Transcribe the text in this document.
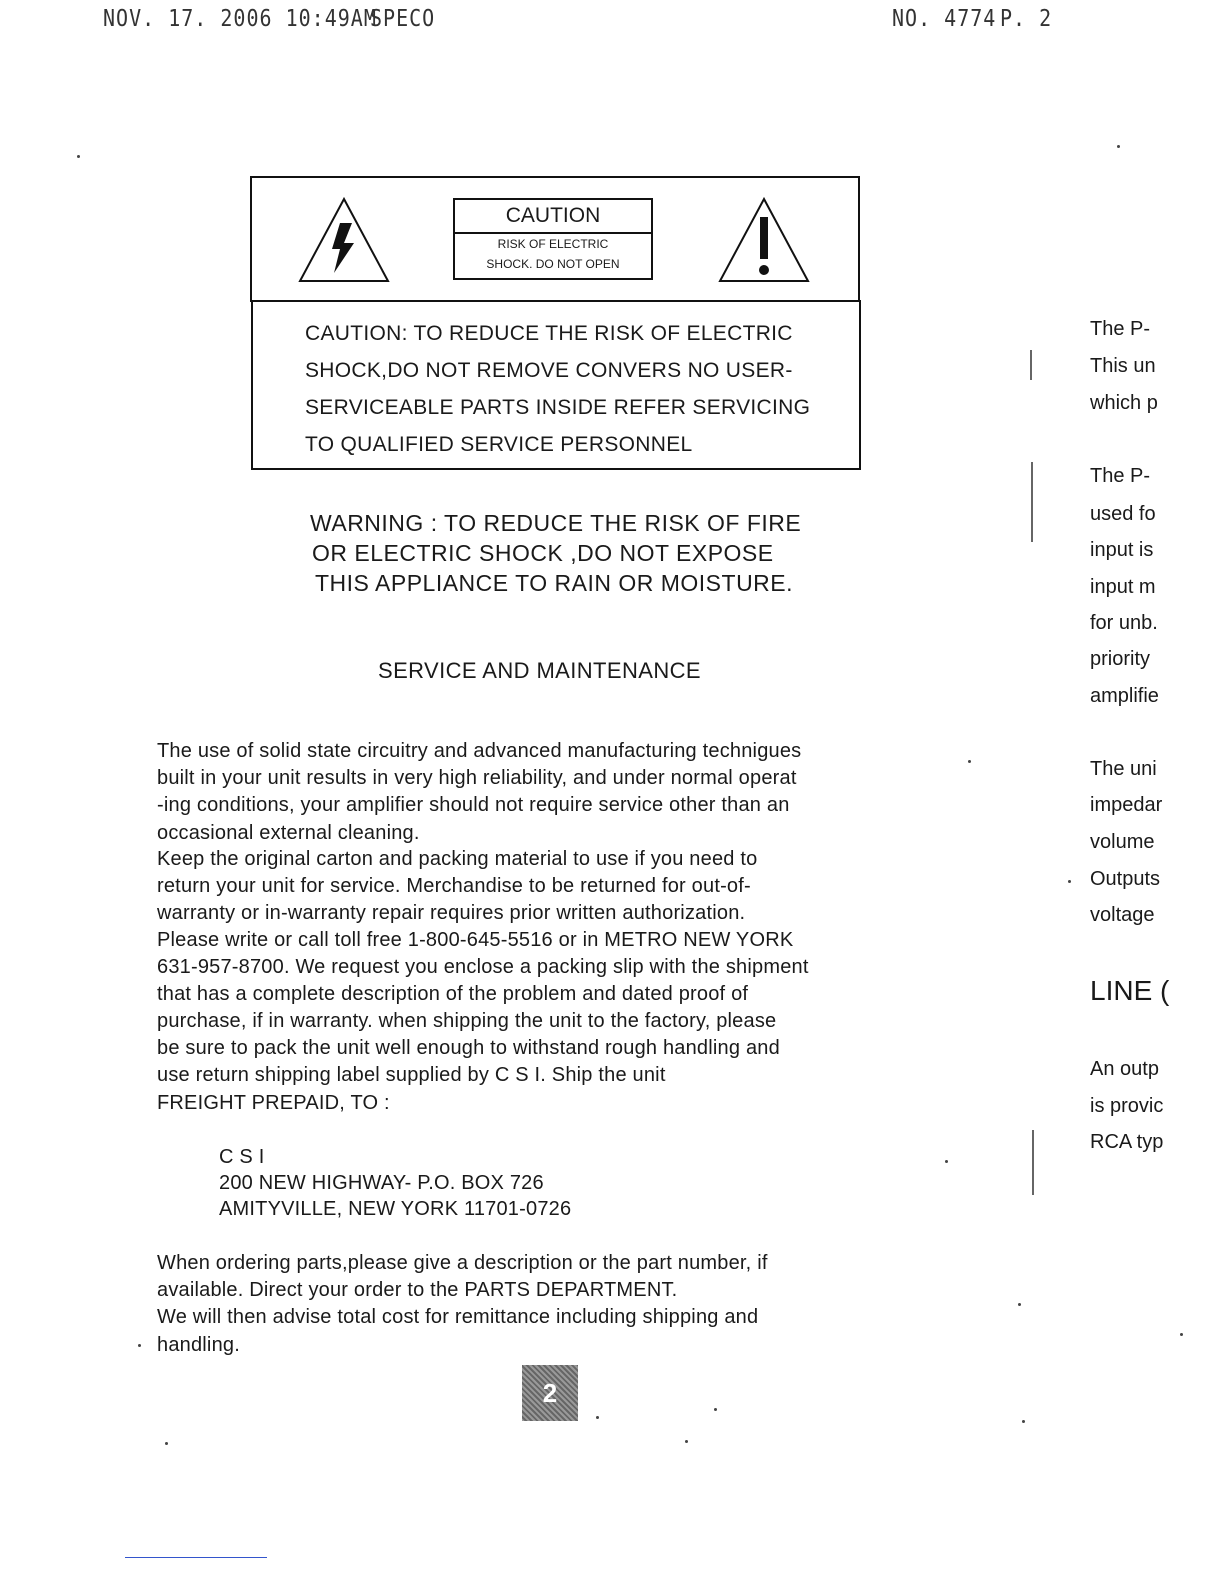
NOV. 17. 2006 10:49AM
SPECO	NO. 4774 P. 2
CAUTION
RISK OF ELECTRIC
SHOCK. DO NOT OPEN
CAUTION: TO REDUCE THE RISK OF ELECTRIC
SHOCK,DO NOT REMOVE CONVERS NO USER-
SERVICEABLE PARTS INSIDE REFER SERVICING
TO QUALIFIED SERVICE PERSONNEL
WARNING : TO REDUCE THE RISK OF FIRE
OR ELECTRIC SHOCK ,DO NOT EXPOSE
THIS APPLIANCE TO RAIN OR MOISTURE.
SERVICE AND MAINTENANCE
The use of solid state circuitry and advanced manufacturing technigues
built in your unit results in very high reliability, and under normal operat
-ing conditions, your amplifier should not require service other than an
occasional external cleaning.
Keep the original carton and packing material to use if you need to
return your unit for service. Merchandise to be returned for out-of-
warranty or in-warranty repair requires prior written authorization.
Please write or call toll free 1-800-645-5516 or in METRO NEW YORK
631-957-8700. We request you enclose a packing slip with the shipment
that has a complete description of the problem and dated proof of
purchase, if in warranty. when shipping the unit to the factory, please
be sure to pack the unit well enough to withstand rough handling and
use return shipping label supplied by C S I. Ship the unit
FREIGHT PREPAID, TO :
C S I
200 NEW HIGHWAY- P.O. BOX 726
AMITYVILLE, NEW YORK 11701-0726
When ordering parts,please give a description or the part number, if
available. Direct your order to the PARTS DEPARTMENT.
We will then advise total cost for remittance including shipping and
handling.
2
The P-
This un
which p
The P-
used fo
input is
input m
for unb.
priority
amplifie
The uni
impedar
volume
Outputs
voltage
LINE (
An outp
is provic
RCA typ
